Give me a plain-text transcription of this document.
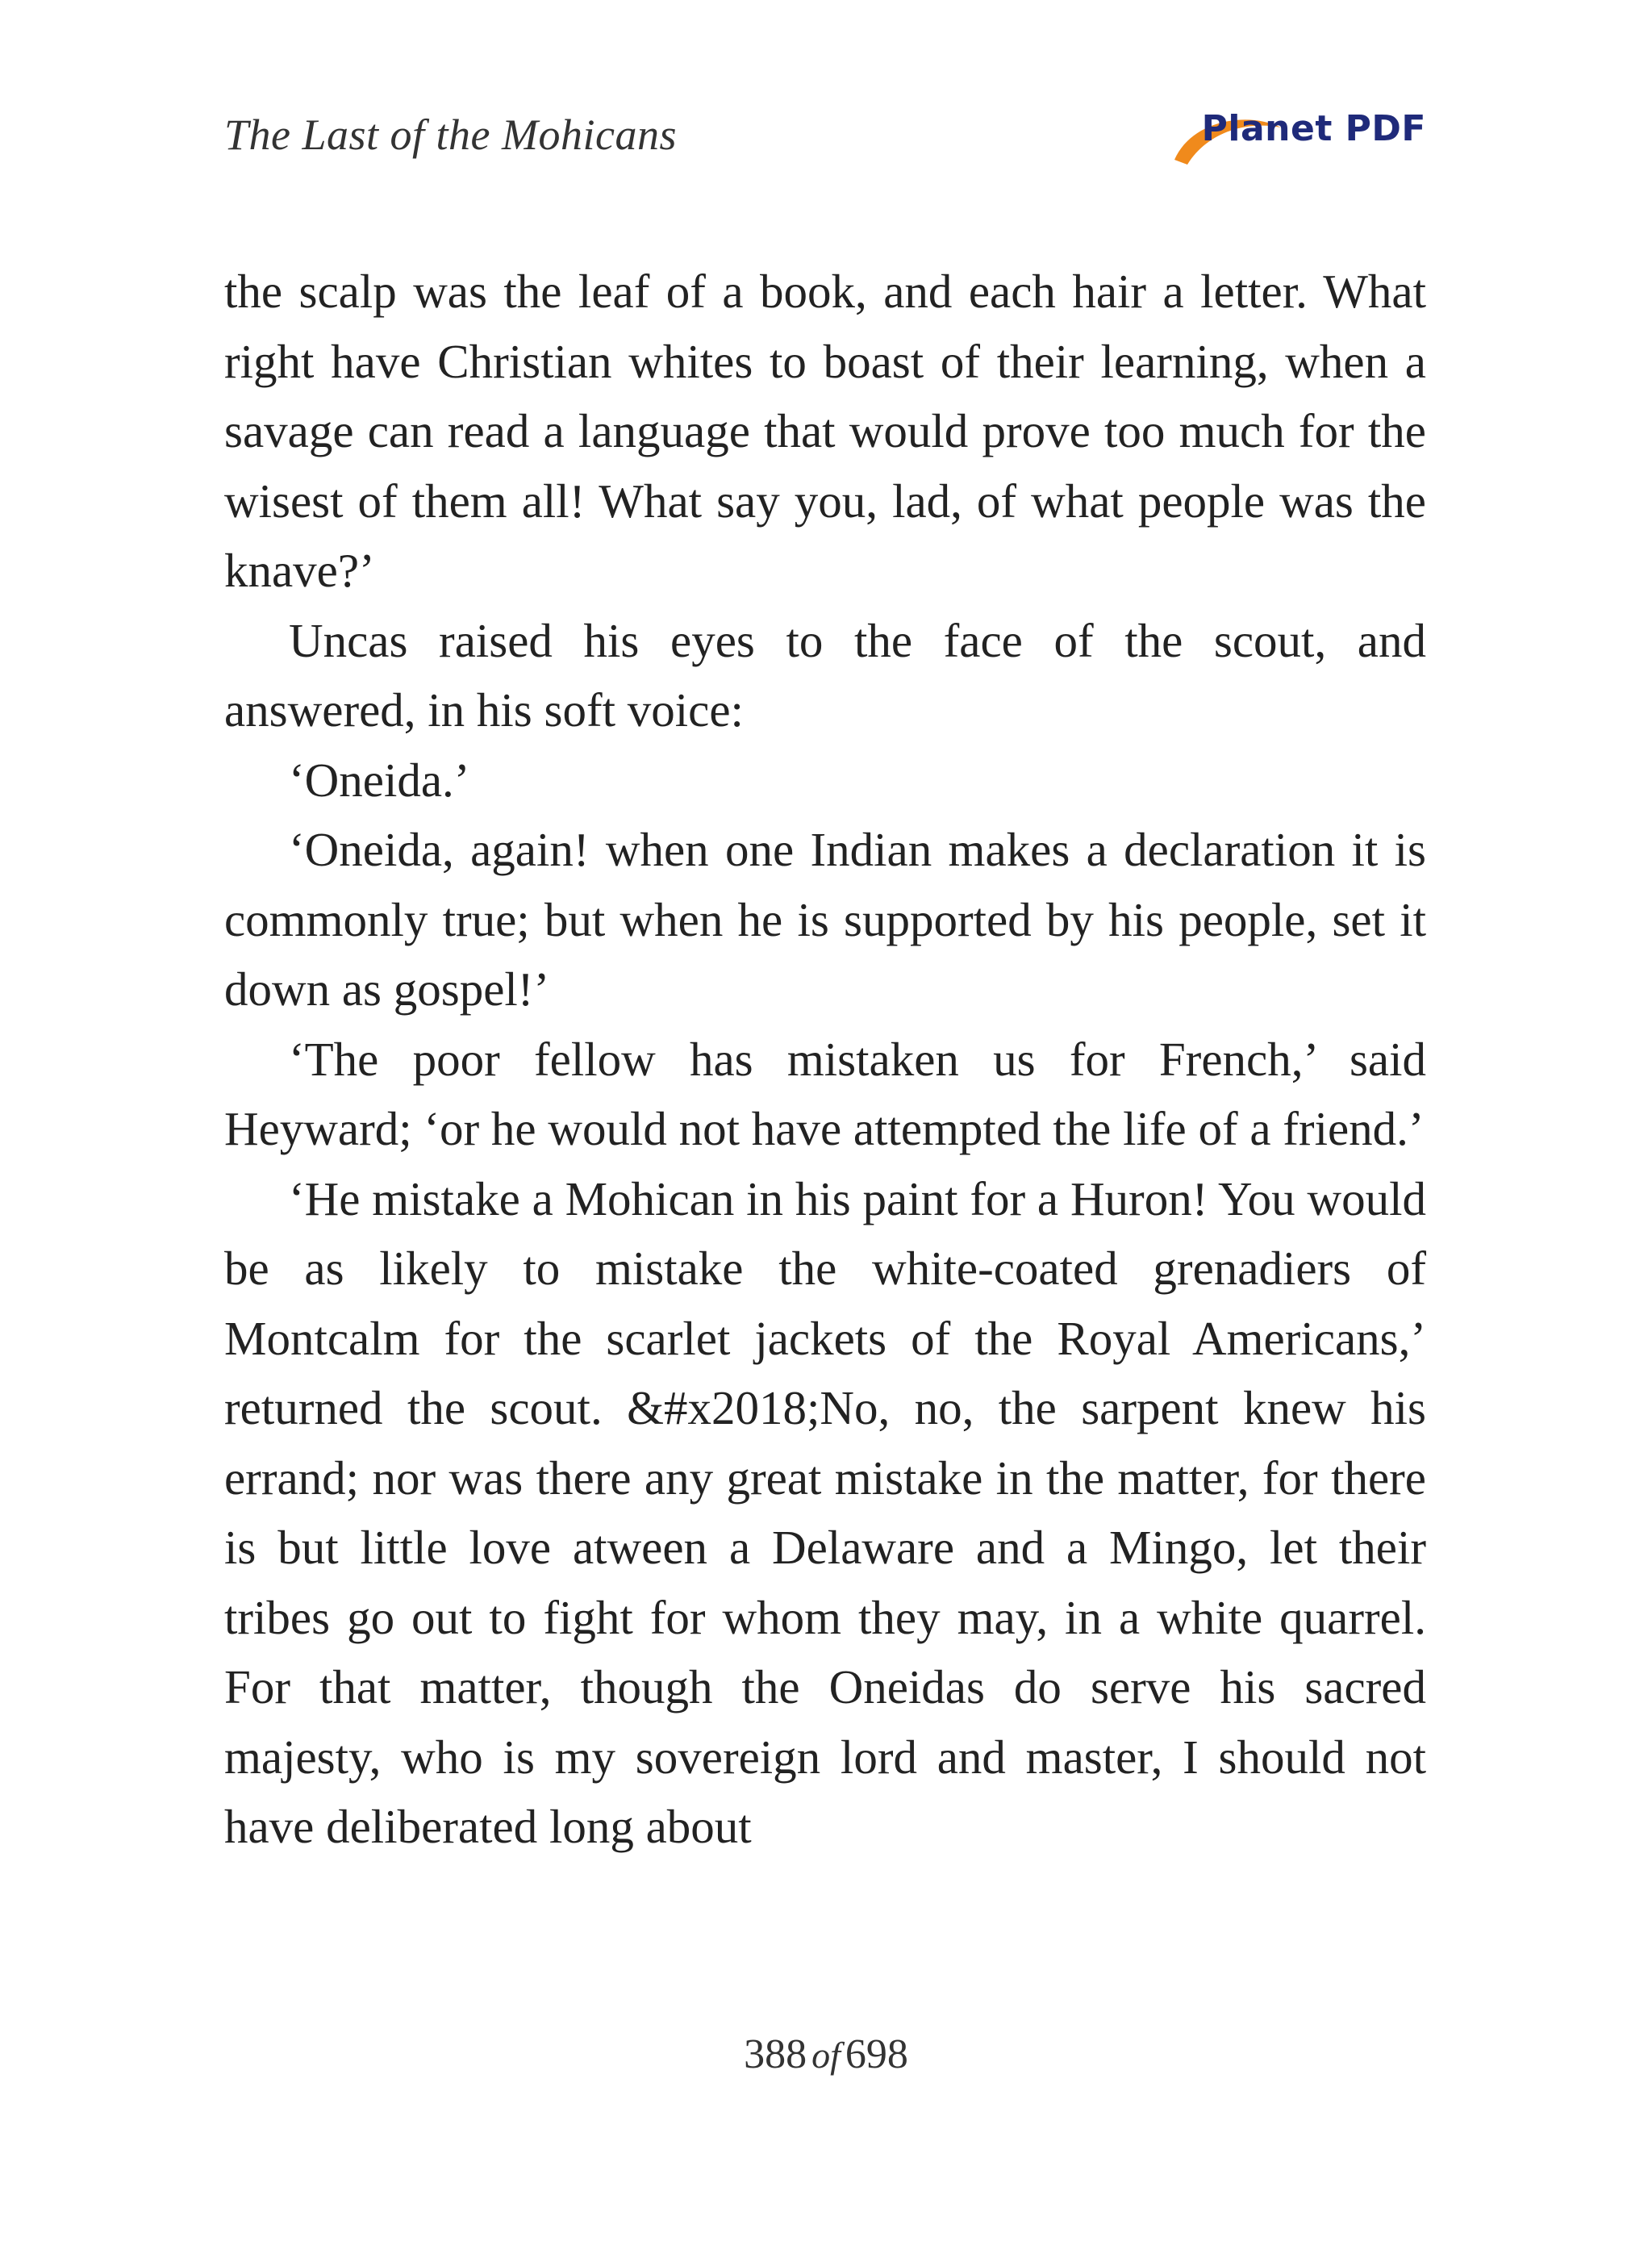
The Last of the Mohicans	Planet PDF

the scalp was the leaf of a book, and each hair a letter. What right have Christian whites to boast of their learning, when a savage can read a language that would prove too much for the wisest of them all! What say you, lad, of what people was the knave?’

Uncas raised his eyes to the face of the scout, and answered, in his soft voice:

‘Oneida.’

‘Oneida, again! when one Indian makes a declaration it is commonly true; but when he is supported by his people, set it down as gospel!’

‘The poor fellow has mistaken us for French,’ said Heyward; ‘or he would not have attempted the life of a friend.’

‘He mistake a Mohican in his paint for a Huron! You would be as likely to mistake the white-coated grenadiers of Montcalm for the scarlet jackets of the Royal Americans,’ returned the scout. &#x2018;No, no, the sarpent knew his errand; nor was there any great mistake in the matter, for there is but little love atween a Delaware and a Mingo, let their tribes go out to fight for whom they may, in a white quarrel. For that matter, though the Oneidas do serve his sacred majesty, who is my sovereign lord and master, I should not have deliberated long about

388 of 698
